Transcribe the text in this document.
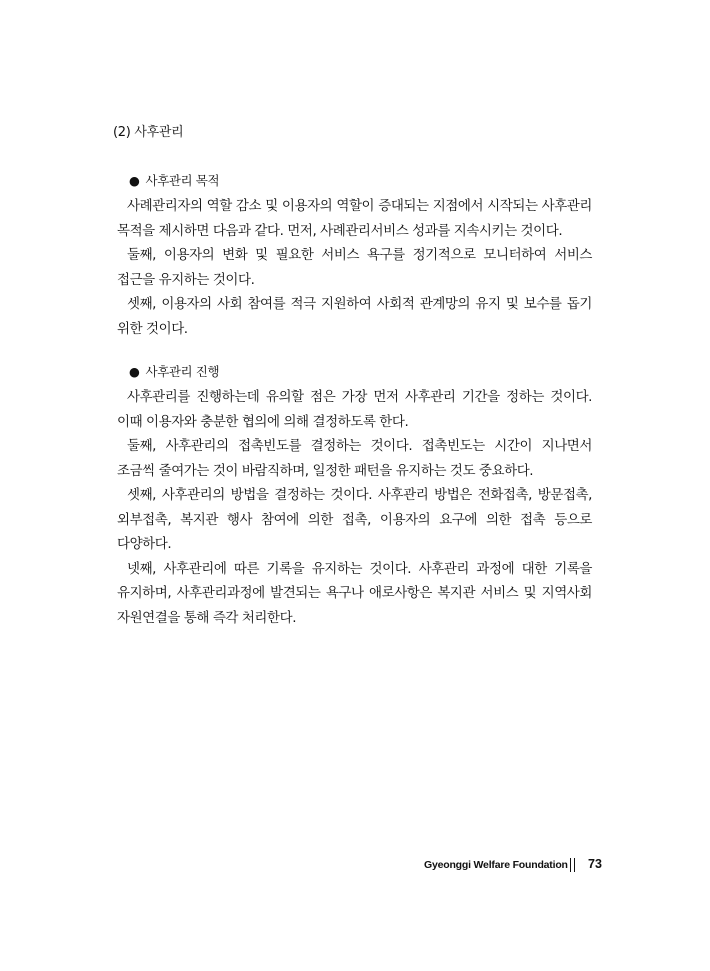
(2) 사후관리
● 사후관리 목적

사례관리자의 역할 감소 및 이용자의 역할이 증대되는 지점에서 시작되는 사후관리 목적을 제시하면 다음과 같다. 먼저, 사례관리서비스 성과를 지속시키는 것이다.

둘째, 이용자의 변화 및 필요한 서비스 욕구를 정기적으로 모니터하여 서비스 접근을 유지하는 것이다.

셋째, 이용자의 사회 참여를 적극 지원하여 사회적 관계망의 유지 및 보수를 돕기 위한 것이다.

● 사후관리 진행

사후관리를 진행하는데 유의할 점은 가장 먼저 사후관리 기간을 정하는 것이다. 이때 이용자와 충분한 협의에 의해 결정하도록 한다.

둘째, 사후관리의 접촉빈도를 결정하는 것이다. 접촉빈도는 시간이 지나면서 조금씩 줄여가는 것이 바람직하며, 일정한 패턴을 유지하는 것도 중요하다.

셋째, 사후관리의 방법을 결정하는 것이다. 사후관리 방법은 전화접촉, 방문접촉, 외부접촉, 복지관 행사 참여에 의한 접촉, 이용자의 요구에 의한 접촉 등으로 다양하다.

넷째, 사후관리에 따른 기록을 유지하는 것이다. 사후관리 과정에 대한 기록을 유지하며, 사후관리과정에 발견되는 욕구나 애로사항은 복지관 서비스 및 지역사회 자원연결을 통해 즉각 처리한다.

Gyeonggi Welfare Foundation 73
